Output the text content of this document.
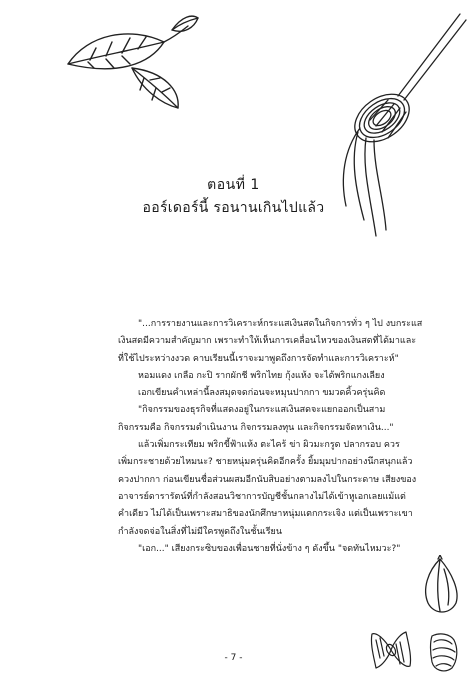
ตอนที่ 1
ออร์เดอร์นี้ รอนานเกินไปแล้ว
"...การรายงานและการวิเคราะห์กระแสเงินสดในกิจการทั่ว ๆ ไป งบกระแส
เงินสดมีความสำคัญมาก เพราะทำให้เห็นการเคลื่อนไหวของเงินสดที่ได้มาและ
ที่ใช้ไประหว่างงวด คาบเรียนนี้เราจะมาพูดถึงการจัดทำและการวิเคราะห์"
หอมแดง เกลือ กะปิ รากผักชี พริกไทย กุ้งแห้ง จะได้พริกแกงเลียง
เอกเขียนคำเหล่านี้ลงสมุดจดก่อนจะหมุนปากกา ขมวดคิ้วครุ่นคิด
"กิจกรรมของธุรกิจที่แสดงอยู่ในกระแสเงินสดจะแยกออกเป็นสาม
กิจกรรมคือ กิจกรรมดำเนินงาน กิจกรรมลงทุน และกิจกรรมจัดหาเงิน..."
แล้วเพิ่มกระเทียม พริกขี้ฟ้าแห้ง ตะไคร้ ข่า ผิวมะกรูด ปลากรอบ ควร
เพิ่มกระชายด้วยไหมนะ? ชายหนุ่มครุ่นคิดอีกครั้ง ยิ้มมุมปากอย่างนึกสนุกแล้ว
ควงปากกา ก่อนเขียนชื่อส่วนผสมอีกนับสิบอย่างตามลงไปในกระดาษ เสียงของ
อาจารย์ดารารัตน์ที่กำลังสอนวิชาการบัญชีชั้นกลางไม่ได้เข้าหูเอกเลยแม้แต่
คำเดียว ไม่ได้เป็นเพราะสมาธิของนักศึกษาหนุ่มแตกกระเจิง แต่เป็นเพราะเขา
กำลังจดจ่อในสิ่งที่ไม่มีใครพูดถึงในชั้นเรียน
"เอก..." เสียงกระซิบของเพื่อนชายที่นั่งข้าง ๆ ดังขึ้น "จดทันไหมวะ?"
- 7 -
